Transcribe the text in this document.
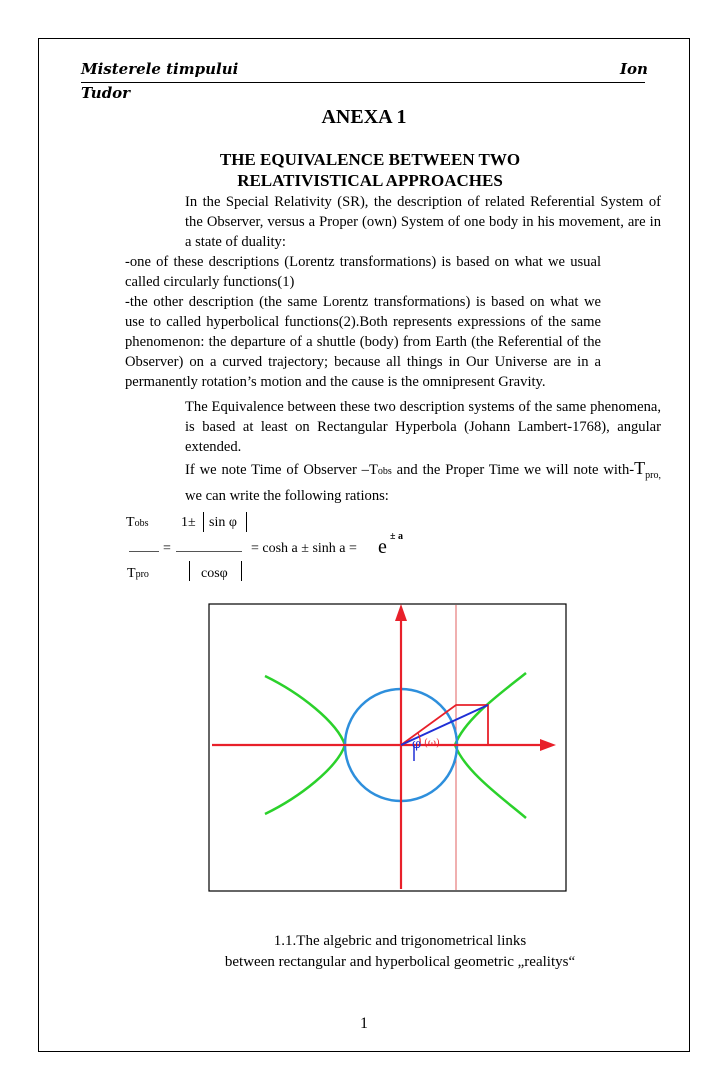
Misterele timpului	Ion
Tudor
ANEXA 1
THE EQUIVALENCE BETWEEN TWO
RELATIVISTICAL APPROACHES

In the Special Relativity (SR), the description of related Referential System of the Observer, versus a Proper (own) System of one body in his movement, are in a state of duality:

-one of these descriptions (Lorentz transformations) is based on what we usual called circularly functions(1)

-the other description (the same Lorentz transformations) is based on what we use to called hyperbolical functions(2).Both represents expressions of the same phenomenon: the departure of a shuttle (body) from Earth (the Referential of the Observer) on a curved trajectory; because all things in Our Universe are in a permanently rotation’s motion and the cause is the omnipresent Gravity.

The Equivalence between these two description systems of the same phenomena, is based at least on Rectangular Hyperbola (Johann Lambert-1768), angular extended.

If we note Time of Observer –Tobs and the Proper Time we will note with-$T_{pro,}$ we can write the following rations:

Tobs 1± sin φ
=	= cosh a ± sinh a = e ± a
Tpro	cosφ
φ (ω)
1.1.The algebric and trigonometrical links
between rectangular and hyperbolical geometric „realitys“
1
